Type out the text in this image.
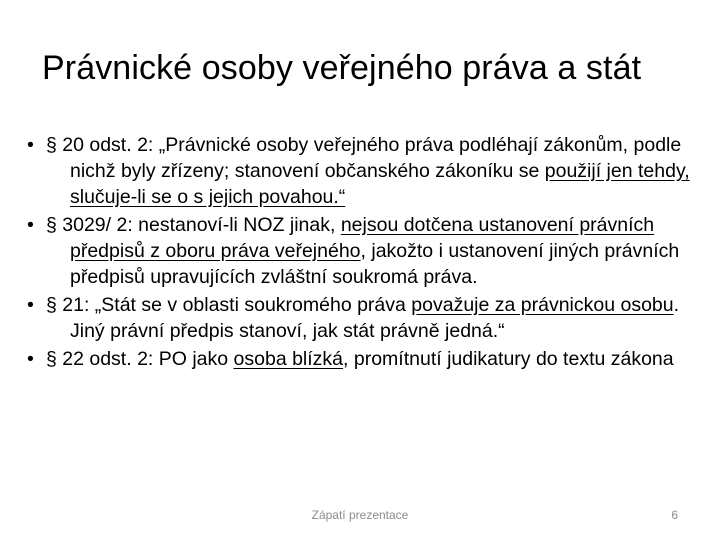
Právnické osoby veřejného práva a stát
• § 20 odst. 2: „Právnické osoby veřejného práva podléhají zákonům, podle nichž byly zřízeny; stanovení občanského zákoníku se použijí jen tehdy, slučuje-li se o s jejich povahou.“
• § 3029/ 2: nestanoví-li NOZ jinak, nejsou dotčena ustanovení právních předpisů z oboru práva veřejného, jakožto i ustanovení jiných právních předpisů upravujících zvláštní soukromá práva.
• § 21: „Stát se v oblasti soukromého práva považuje za právnickou osobu. Jiný právní předpis stanoví, jak stát právně jedná.“
• § 22 odst. 2: PO jako osoba blízká, promítnutí judikatury do textu zákona
Zápatí prezentace	6
